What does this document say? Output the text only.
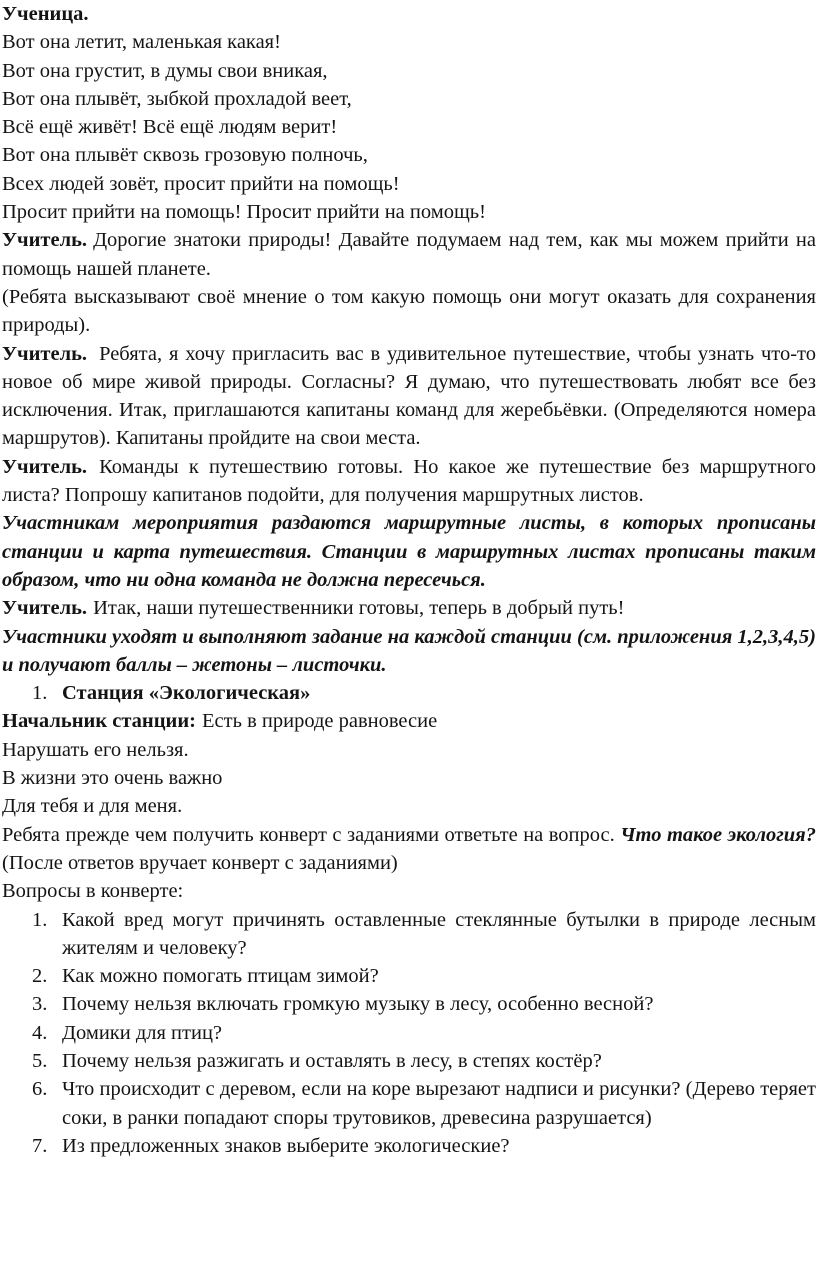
Ученица.

Вот она летит, маленькая какая!

Вот она грустит, в думы свои вникая,

Вот она плывёт, зыбкой прохладой веет,

Всё ещё живёт! Всё ещё людям верит!

Вот она плывёт сквозь грозовую полночь,

Всех людей зовёт, просит прийти на помощь!

Просит прийти на помощь! Просит прийти на помощь!

Учитель. Дорогие знатоки природы! Давайте подумаем над тем, как мы можем прийти на помощь нашей планете.

(Ребята высказывают своё мнение о том какую помощь они могут оказать для сохранения природы).

Учитель. Ребята, я хочу пригласить вас в удивительное путешествие, чтобы узнать что-то новое об мире живой природы. Согласны? Я думаю, что путешествовать любят все без исключения. Итак, приглашаются капитаны команд для жеребьёвки. (Определяются номера маршрутов). Капитаны пройдите на свои места.

Учитель. Команды к путешествию готовы. Но какое же путешествие без маршрутного листа? Попрошу капитанов подойти, для получения маршрутных листов.

Участникам мероприятия раздаются маршрутные листы, в которых прописаны станции и карта путешествия. Станции в маршрутных листах прописаны таким образом, что ни одна команда не должна пересечься.

Учитель. Итак, наши путешественники готовы, теперь в добрый путь!

Участники уходят и выполняют задание на каждой станции (см. приложения 1,2,3,4,5) и получают баллы – жетоны – листочки.

1. Станция «Экологическая»

Начальник станции: Есть в природе равновесие

Нарушать его нельзя.

В жизни это очень важно

Для тебя и для меня.

Ребята прежде чем получить конверт с заданиями ответьте на вопрос. Что такое экология? (После ответов вручает конверт с заданиями)

Вопросы в конверте:

1. Какой вред могут причинять оставленные стеклянные бутылки в природе лесным жителям и человеку?
2. Как можно помогать птицам зимой?
3. Почему нельзя включать громкую музыку в лесу, особенно весной?
4. Домики для птиц?
5. Почему нельзя разжигать и оставлять в лесу, в степях костёр?
6. Что происходит с деревом, если на коре вырезают надписи и рисунки? (Дерево теряет соки, в ранки попадают споры трутовиков, древесина разрушается)
7. Из предложенных знаков выберите экологические?
